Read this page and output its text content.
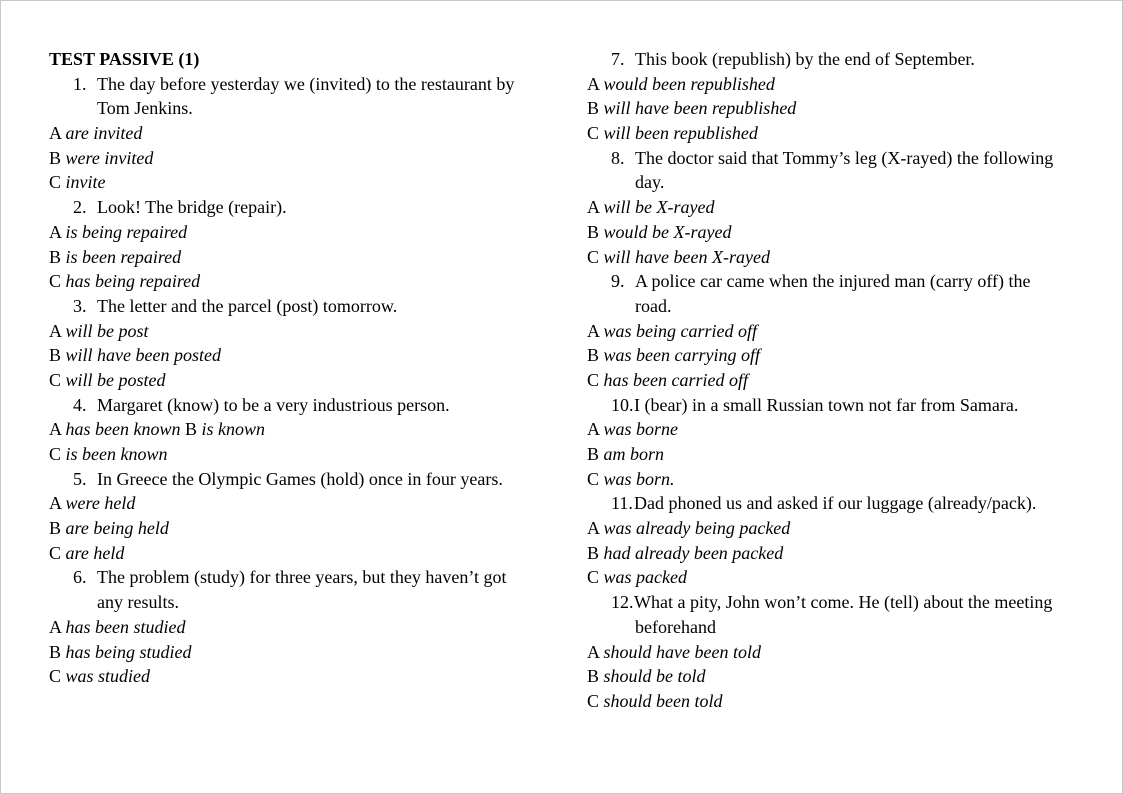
TEST PASSIVE (1)
1. The day before yesterday we (invited) to the restaurant by
Tom Jenkins.
A are invited
B were invited
C invite
2. Look! The bridge (repair).
A is being repaired
B is been repaired
C has being repaired
3. The letter and the parcel (post) tomorrow.
A will be post
B will have been posted
C will be posted
4. Margaret (know) to be a very industrious person.
A has been known B is known
C is been known
5. In Greece the Olympic Games (hold) once in four years.
A were held
B are being held
C are held
6. The problem (study) for three years, but they haven’t got
any results.
A has been studied
B has being studied
C was studied
7. This book (republish) by the end of September.
A would been republished
B will have been republished
C will been republished
8. The doctor said that Tommy’s leg (X-rayed) the following
day.
A will be X-rayed
B would be X-rayed
C will have been X-rayed
9. A police car came when the injured man (carry off) the
road.
A was being carried off
B was been carrying off
C has been carried off
10.I (bear) in a small Russian town not far from Samara.
A was borne
B am born
C was born.
11.Dad phoned us and asked if our luggage (already/pack).
A was already being packed
B had already been packed
C was packed
12.What a pity, John won’t come. He (tell) about the meeting
beforehand
A should have been told
B should be told
C should been told
